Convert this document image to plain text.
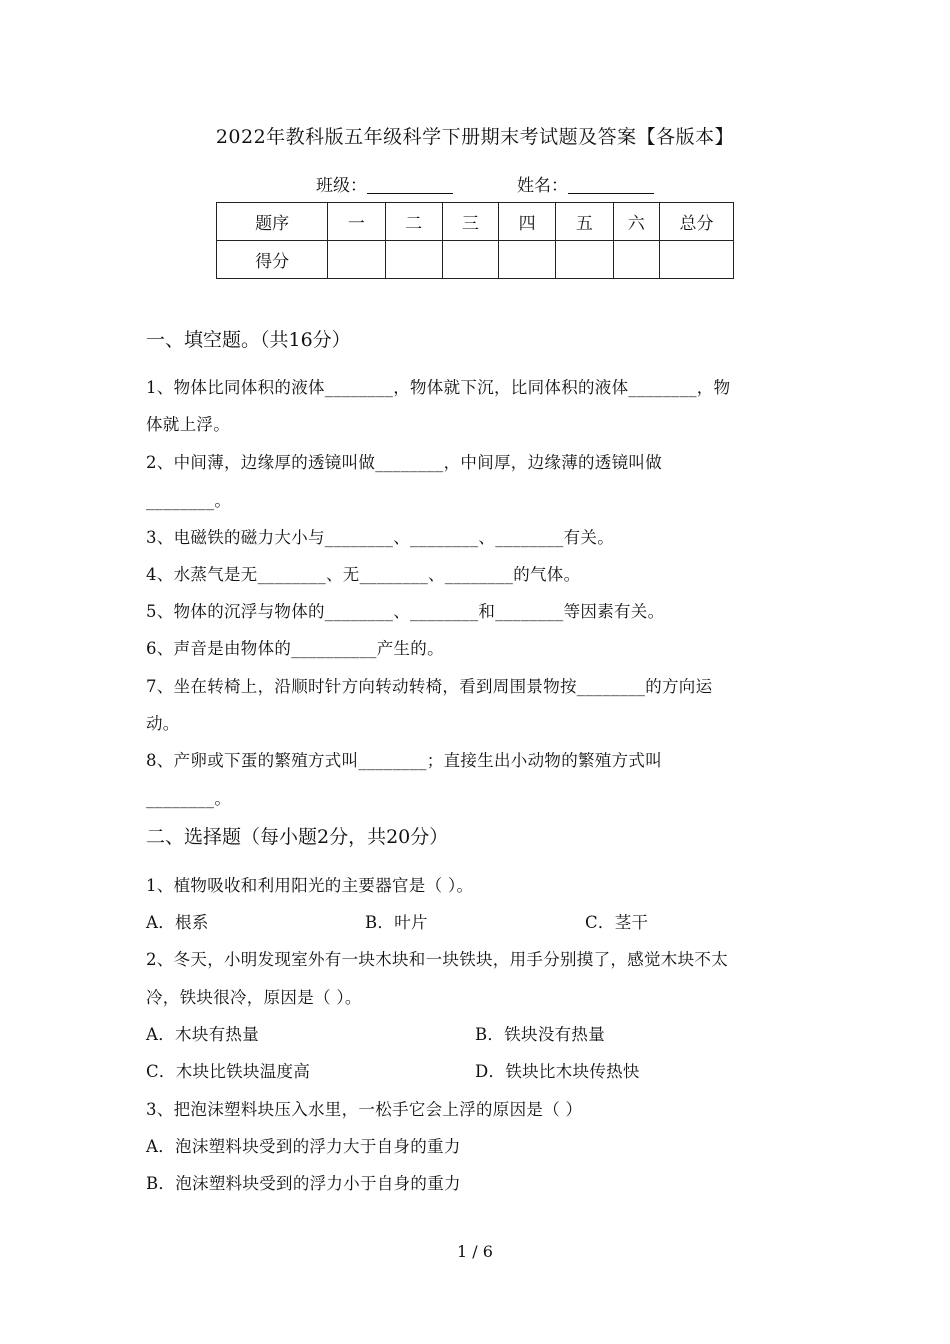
2022年教科版五年级科学下册期末考试题及答案【各版本】
班级：	姓名：
题序	一	二	三	四	五	六	总分
得分							
一、填空题。（共16分）
1、物体比同体积的液体________，物体就下沉，比同体积的液体________，物
体就上浮。
2、中间薄，边缘厚的透镜叫做________，中间厚，边缘薄的透镜叫做
________。
3、电磁铁的磁力大小与________、________、________有关。
4、水蒸气是无________、无________、________的气体。
5、物体的沉浮与物体的________、________和________等因素有关。
6、声音是由物体的__________产生的。
7、坐在转椅上，沿顺时针方向转动转椅，看到周围景物按________的方向运
动。
8、产卵或下蛋的繁殖方式叫________；直接生出小动物的繁殖方式叫
________。
二、选择题（每小题2分，共20分）
1、植物吸收和利用阳光的主要器官是（ ）。
A．根系	B．叶片	C．茎干
2、冬天，小明发现室外有一块木块和一块铁块，用手分别摸了，感觉木块不太
冷，铁块很冷，原因是（ ）。
A．木块有热量	B．铁块没有热量
C．木块比铁块温度高	D．铁块比木块传热快
3、把泡沫塑料块压入水里，一松手它会上浮的原因是（ ）
A．泡沫塑料块受到的浮力大于自身的重力
B．泡沫塑料块受到的浮力小于自身的重力
1 / 6
